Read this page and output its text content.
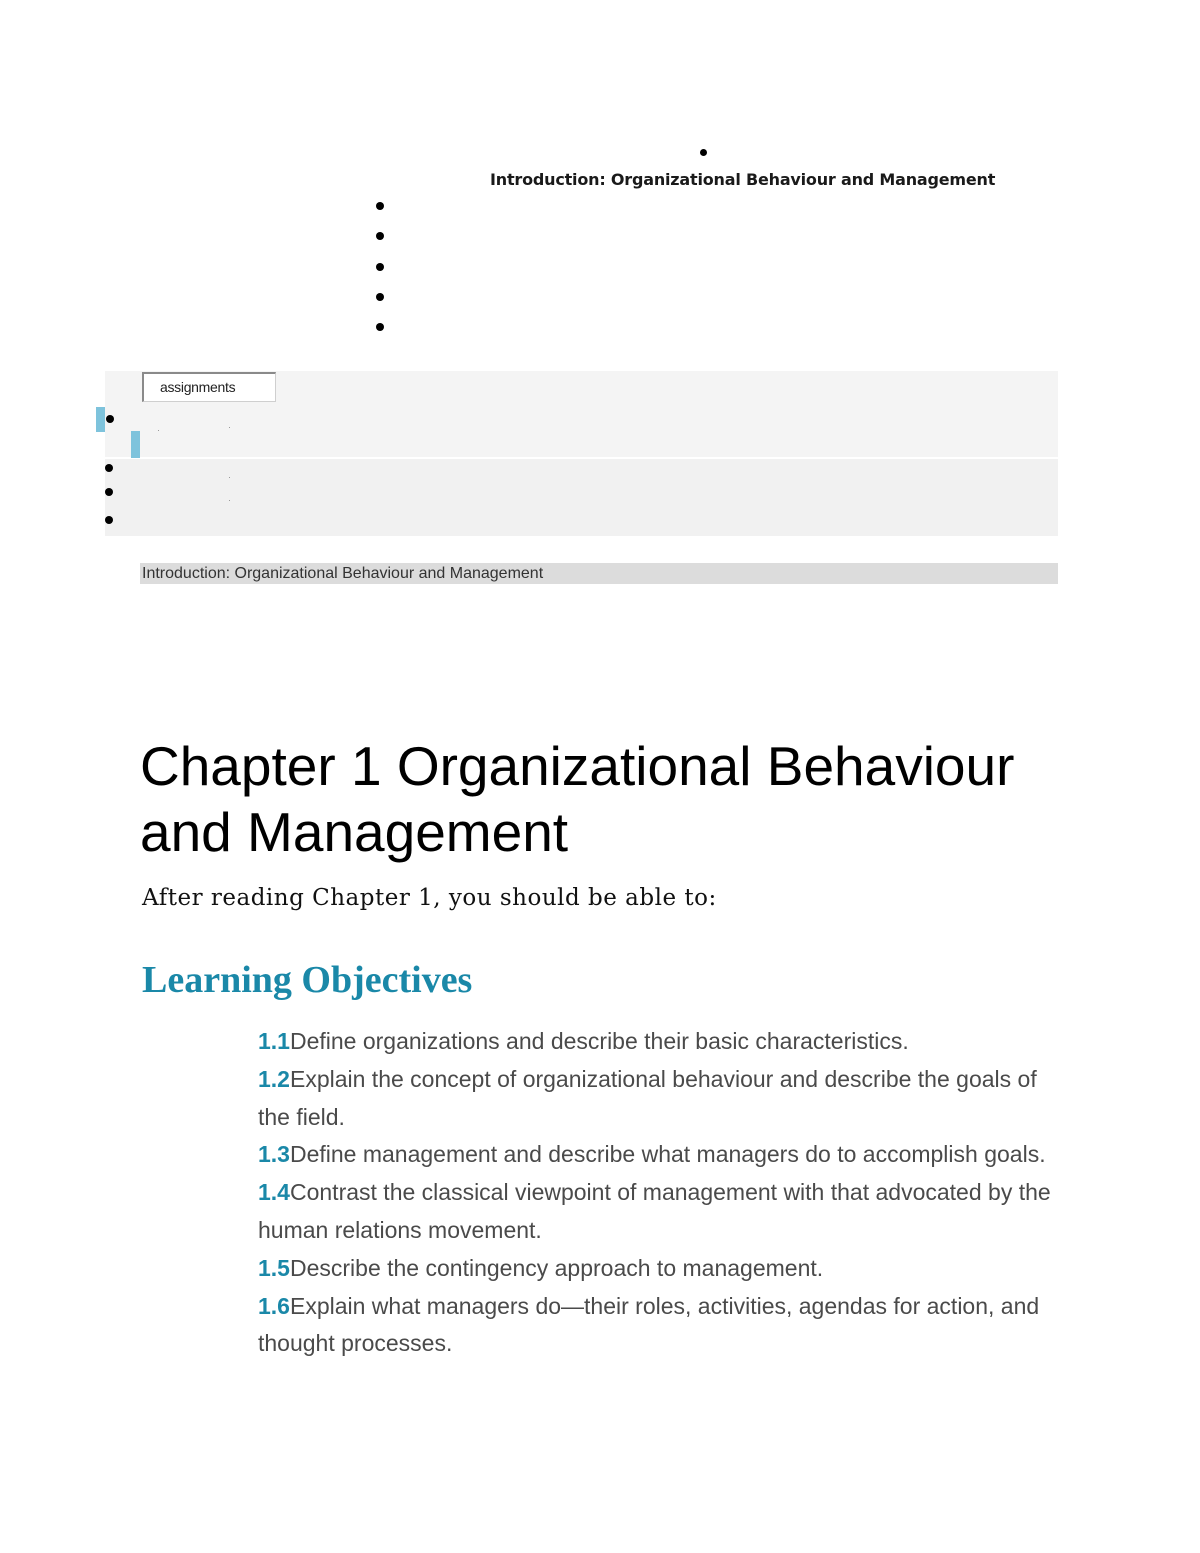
Introduction: Organizational Behaviour and Management
assignments
Introduction: Organizational Behaviour and Management
Chapter 1 Organizational Behaviour and Management

After reading Chapter 1, you should be able to:

Learning Objectives
1.1Define organizations and describe their basic characteristics.
1.2Explain the concept of organizational behaviour and describe the goals of the field.
1.3Define management and describe what managers do to accomplish goals.
1.4Contrast the classical viewpoint of management with that advocated by the human relations movement.
1.5Describe the contingency approach to management.
1.6Explain what managers do—their roles, activities, agendas for action, and thought processes.
